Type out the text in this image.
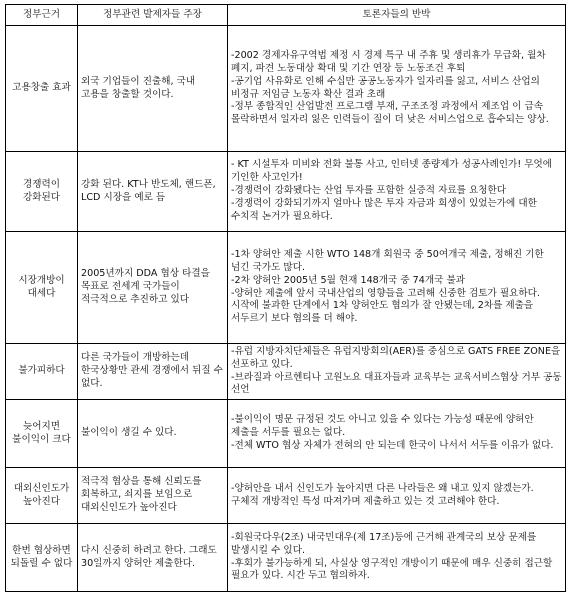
정부근거	정부관련 발제자들 주장	토론자들의 반박
고용창출 효과	외국 기업들이 진출해, 국내 고용을 창출할 것이다.	-2002 경제자유구역법 제정 시 경제 특구 내 주휴 및 생리휴가 무급화, 월차 폐지, 파견 노동대상 확대 및 기간 연장 등 노동조건 후퇴
-공기업 사유화로 인해 수십만 공공노동자가 일자리를 잃고, 서비스 산업의 비정규 저임금 노동자 확산 결과 초래
-정부 종합적인 산업발전 프로그램 부재, 구조조정 과정에서 제조업 이 급속 몰락하면서 일자리 잃은 인력들이 질이 더 낮은 서비스업으로 흡수되는 양상.

경쟁력이 강화된다	강화 된다. KT나 반도체, 핸드폰, LCD 시장을 예로 듬	- KT 시설투자 미비와 전화 불통 사고, 인터넷 종량제가 성공사례인가! 무엇에 기인한 사고인가!
-경쟁력이 강화됐다는 산업 투자를 포함한 실증적 자료를 요청한다
-경쟁력이 강화되기까지 얼마나 많은 투자 자금과 희생이 있었는가에 대한 수치적 논거가 필요하다.

시장개방이 대세다	2005년까지 DDA 협상 타결을 목표로 전세계 국가들이 적극적으로 추진하고 있다	-1차 양허안 제출 시한 WTO 148개 회원국 중 50여개국 제출, 정해진 기한 넘긴 국가도 많다.
-2차 양허안 2005년 5월 현재 148개국 중 74개국 불과
-양허안 제출에 앞서 국내산업의 영향들을 고려해 신중한 검토가 필요하다. 시작에 불과한 단계에서 1차 양허안도 협의가 잘 안됐는데, 2차를 제출을 서두르기 보다 협의를 더 해야.

불가피하다	다른 국가들이 개방하는데 한국상황만 관세 경쟁에서 뒤질 수 없다.	-유럽 지방자치단체들은 유럽지방회의(AER)를 중심으로 GATS FREE ZONE을 선포하고 있다.
-브라질과 아르헨티나 고원노요 대표자들과 교육부는 교육서비스협상 거부 공동 선언

늦어지면 불이익이 크다	불이익이 생길 수 있다.	-불이익이 명문 규정된 것도 아니고 있을 수 있다는 가능성 때문에 양허안 제출을 서두를 필요는 없다.
-전체 WTO 협상 자체가 전혀의 안 되는데 한국이 나서서 서두를 이유가 없다.

대외신인도가 높아진다	적극적 협상을 통해 신뢰도를 회복하고, 쇠지를 보임으로 대외신인도가 높아진다	-양허안을 내서 신인도가 높아지면 다른 나라들은 왜 내고 있지 않겠는가. 구체적 개방적인 특성 따져가며 제출하고 있는 것 고려해야 한다.

한번 협상하면 되돌릴 수 없다	다시 신중히 하려고 한다. 그래도 30일까지 양허안 제출한다.	-회원국다우(2조) 내국민대우(제 17조)등에 근거해 관계국의 보상 문제를 발생시킬 수 있다.
-후회가 불가능하게 되, 사실상 영구적인 개방이기 때문에 매우 신중히 접근할 필요가 있다. 시간 두고 협의하자.
